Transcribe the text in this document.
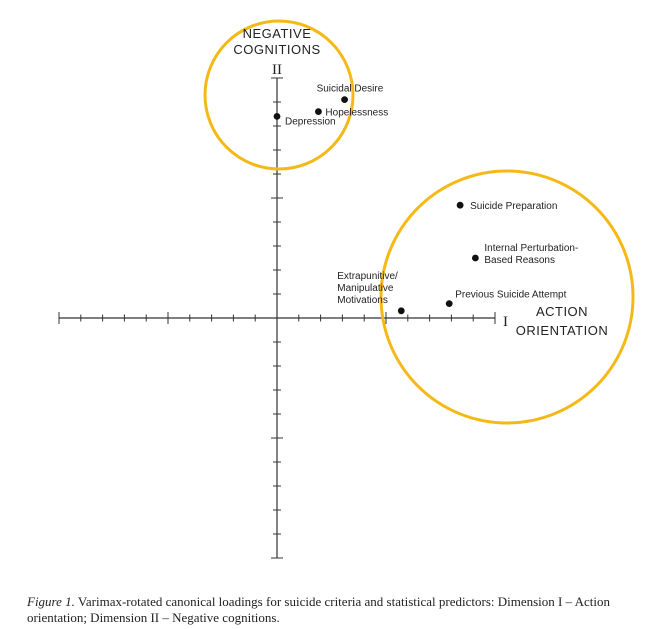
Suicidal Desire
Hopelessness
Depression
Suicide Preparation
Internal Perturbation-
Based Reasons
Previous Suicide Attempt
Extrapunitive/
Manipulative
Motivations
II
NEGATIVE
COGNITIONS
I
ACTION
ORIENTATION
Figure 1. Varimax-rotated canonical loadings for suicide criteria and statistical predictors: Dimension I – Action orientation; Dimension II – Negative cognitions.
